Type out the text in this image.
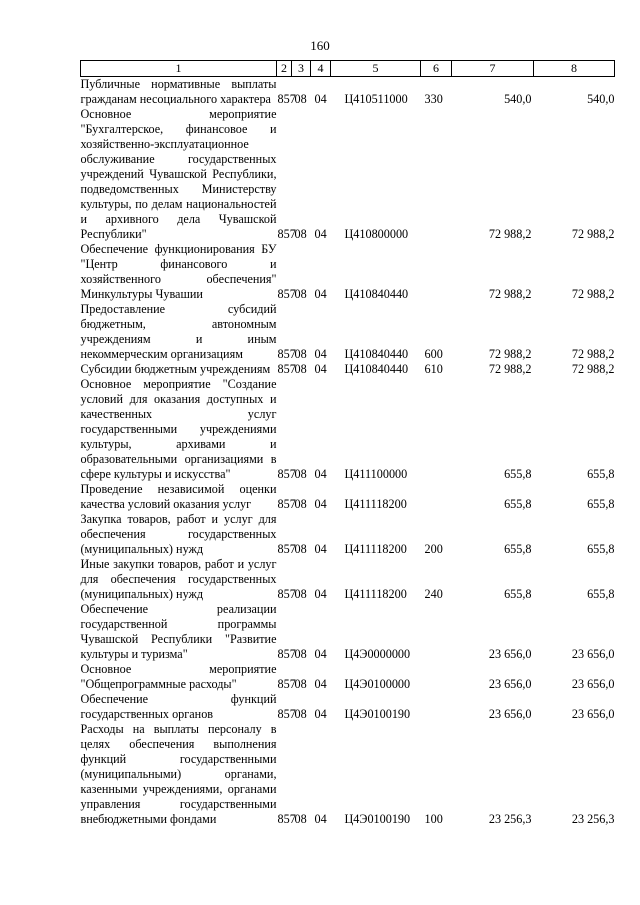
160
1	2	3	4	5	6	7	8
Публичные нормативные выплаты гражданам несоциального характера	857	08	04	Ц410511000	330	540,0	540,0
Основное мероприятие "Бухгалтерское, финансовое и хозяйственно-эксплуатационное обслуживание государственных учреждений Чувашской Республики, подведомственных Министерству культуры, по делам национальностей и архивного дела Чувашской Республики"	857	08	04	Ц410800000		72 988,2	72 988,2
Обеспечение функционирования БУ "Центр финансового и хозяйственного обеспечения" Минкультуры Чувашии	857	08	04	Ц410840440		72 988,2	72 988,2
Предоставление субсидий бюджетным, автономным учреждениям и иным некоммерческим организациям	857	08	04	Ц410840440	600	72 988,2	72 988,2
Субсидии бюджетным учреждениям	857	08	04	Ц410840440	610	72 988,2	72 988,2
Основное мероприятие "Создание условий для оказания доступных и качественных услуг государственными учреждениями культуры, архивами и образовательными организациями в сфере культуры и искусства"	857	08	04	Ц411100000		655,8	655,8
Проведение независимой оценки качества условий оказания услуг	857	08	04	Ц411118200		655,8	655,8
Закупка товаров, работ и услуг для обеспечения государственных (муниципальных) нужд	857	08	04	Ц411118200	200	655,8	655,8
Иные закупки товаров, работ и услуг для обеспечения государственных (муниципальных) нужд	857	08	04	Ц411118200	240	655,8	655,8
Обеспечение реализации государственной программы Чувашской Республики "Развитие культуры и туризма"	857	08	04	Ц4Э0000000		23 656,0	23 656,0
Основное мероприятие "Общепрограммные расходы"	857	08	04	Ц4Э0100000		23 656,0	23 656,0
Обеспечение функций государственных органов	857	08	04	Ц4Э0100190		23 656,0	23 656,0
Расходы на выплаты персоналу в целях обеспечения выполнения функций государственными (муниципальными) органами, казенными учреждениями, органами управления государственными внебюджетными фондами	857	08	04	Ц4Э0100190	100	23 256,3	23 256,3
